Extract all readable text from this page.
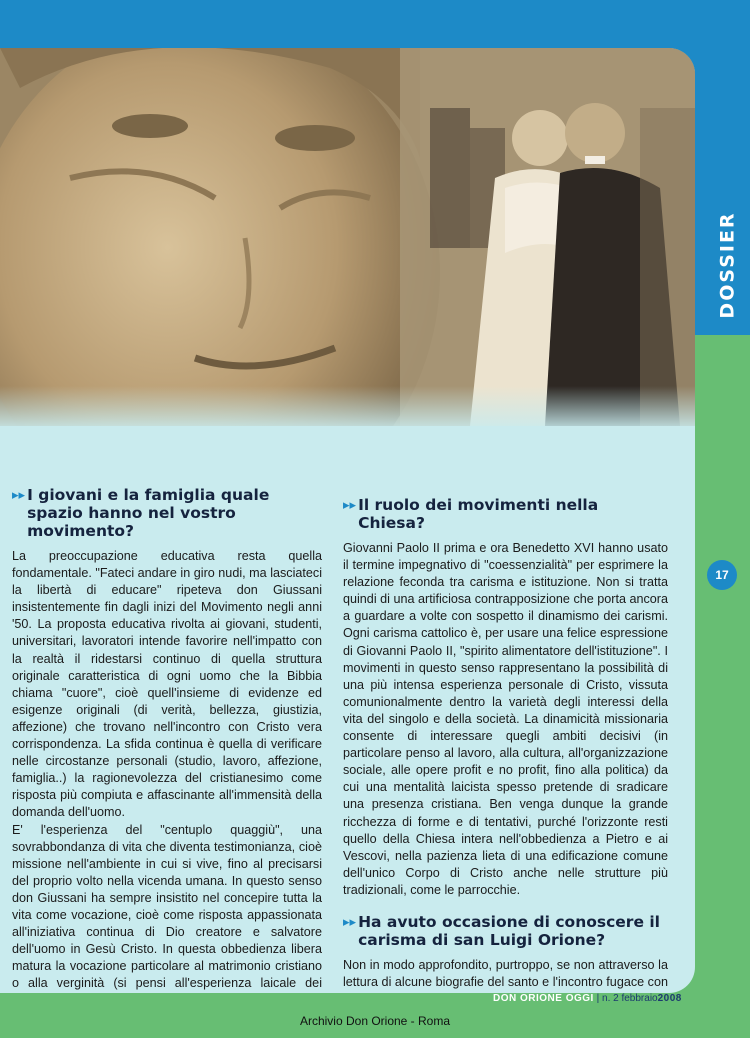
▸▸ I giovani e la famiglia quale spazio hanno nel vostro movimento?

La preoccupazione educativa resta quella fondamentale. "Fateci andare in giro nudi, ma lasciateci la libertà di educare" ripeteva don Giussani insistentemente fin dagli inizi del Movimento negli anni '50. La proposta educativa rivolta ai giovani, studenti, universitari, lavoratori intende favorire nell'impatto con la realtà il ridestarsi continuo di quella struttura originale caratteristica di ogni uomo che la Bibbia chiama "cuore", cioè quell'insieme di evidenze ed esigenze originali (di verità, bellezza, giustizia, affezione) che trovano nell'incontro con Cristo vera corrispondenza. La sfida continua è quella di verificare nelle circostanze personali (studio, lavoro, affezione, famiglia..) la ragionevolezza del cristianesimo come risposta più compiuta e affascinante all'immensità della domanda dell'uomo.

E' l'esperienza del "centuplo quaggiù", una sovrabbondanza di vita che diventa testimonianza, cioè missione nell'ambiente in cui si vive, fino al precisarsi del proprio volto nella vicenda umana. In questo senso don Giussani ha sempre insistito nel concepire tutta la vita come vocazione, cioè come risposta appassionata all'iniziativa continua di Dio creatore e salvatore dell'uomo in Gesù Cristo. In questa obbedienza libera matura la vocazione particolare al matrimonio cristiano o alla verginità (si pensi all'esperienza laicale dei

▸▸ Il ruolo dei movimenti nella Chiesa?

Giovanni Paolo II prima e ora Benedetto XVI hanno usato il termine impegnativo di "coessenzialità" per esprimere la relazione feconda tra carisma e istituzione. Non si tratta quindi di una artificiosa contrapposizione che porta ancora a guardare a volte con sospetto il dinamismo dei carismi. Ogni carisma cattolico è, per usare una felice espressione di Giovanni Paolo II, "spirito alimentatore dell'istituzione". I movimenti in questo senso rappresentano la possibilità di una più intensa esperienza personale di Cristo, vissuta comunionalmente dentro la varietà degli interessi della vita del singolo e della società. La dinamicità missionaria consente di interessare quegli ambiti decisivi (in particolare penso al lavoro, alla cultura, all'organizzazione sociale, alle opere profit e no profit, fino alla politica) da cui una mentalità laicista spesso pretende di sradicare una presenza cristiana. Ben venga dunque la grande ricchezza di forme e di tentativi, purché l'orizzonte resti quello della Chiesa intera nell'obbedienza a Pietro e ai Vescovi, nella pazienza lieta di una edificazione comune dell'unico Corpo di Cristo anche nelle strutture più tradizionali, come le parrocchie.

▸▸ Ha avuto occasione di conoscere il carisma di san Luigi Orione?

Non in modo approfondito, purtroppo, se non attraverso la lettura di alcune biografie del santo e l'incontro fugace con

DOSSIER
17
DON ORIONE OGGI | n. 2 febbraio2008
Archivio Don Orione - Roma
